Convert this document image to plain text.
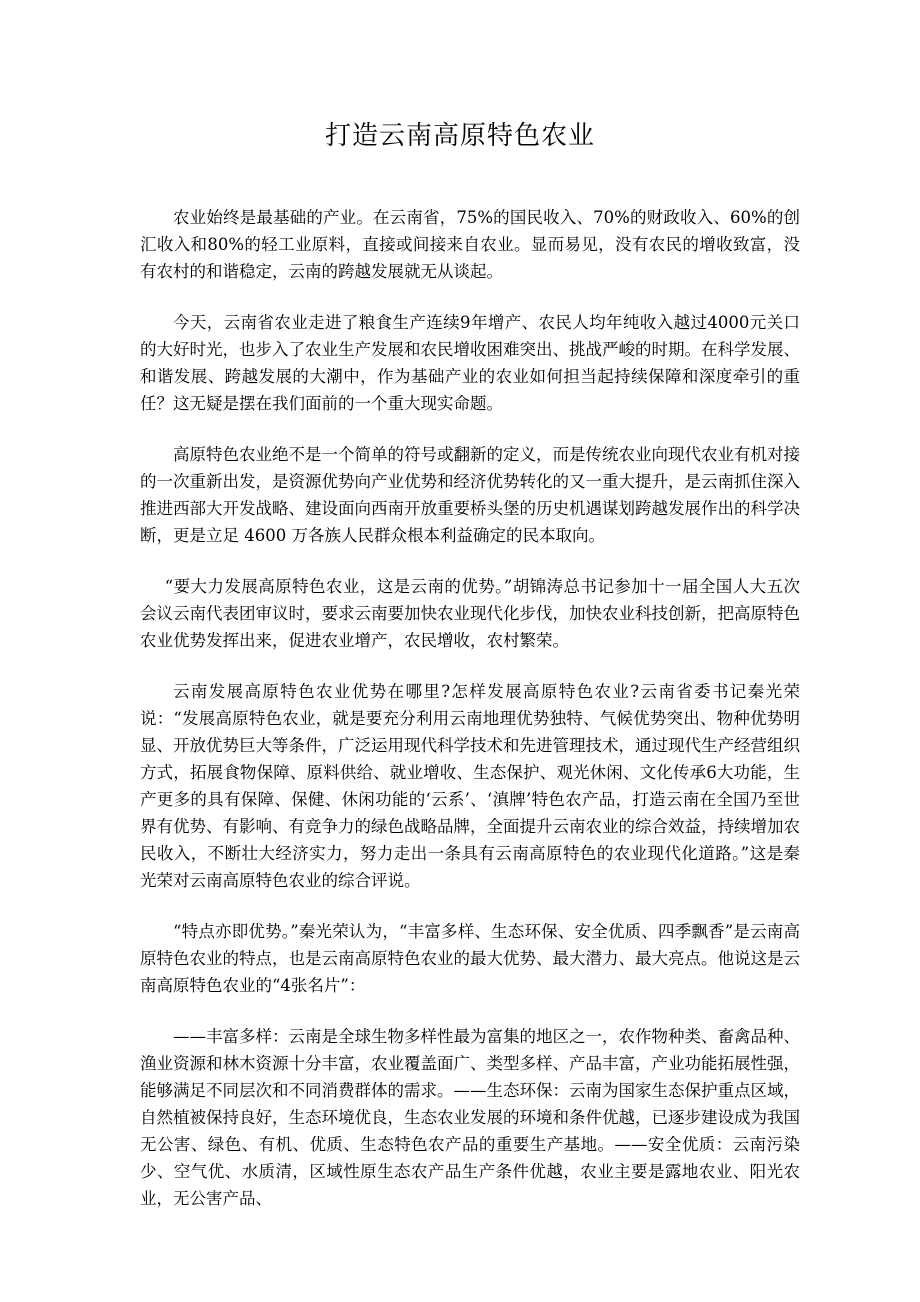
打造云南高原特色农业

农业始终是最基础的产业。在云南省，75%的国民收入、70%的财政收入、60%的创汇收入和80%的轻工业原料，直接或间接来自农业。显而易见，没有农民的增收致富，没有农村的和谐稳定，云南的跨越发展就无从谈起。

今天，云南省农业走进了粮食生产连续9年增产、农民人均年纯收入越过4000元关口的大好时光，也步入了农业生产发展和农民增收困难突出、挑战严峻的时期。在科学发展、和谐发展、跨越发展的大潮中，作为基础产业的农业如何担当起持续保障和深度牵引的重任？这无疑是摆在我们面前的一个重大现实命题。

高原特色农业绝不是一个简单的符号或翻新的定义，而是传统农业向现代农业有机对接的一次重新出发，是资源优势向产业优势和经济优势转化的又一重大提升，是云南抓住深入推进西部大开发战略、建设面向西南开放重要桥头堡的历史机遇谋划跨越发展作出的科学决断，更是立足 4600 万各族人民群众根本利益确定的民本取向。

“要大力发展高原特色农业，这是云南的优势。”胡锦涛总书记参加十一届全国人大五次会议云南代表团审议时，要求云南要加快农业现代化步伐，加快农业科技创新，把高原特色农业优势发挥出来，促进农业增产，农民增收，农村繁荣。

云南发展高原特色农业优势在哪里?怎样发展高原特色农业?云南省委书记秦光荣说：“发展高原特色农业，就是要充分利用云南地理优势独特、气候优势突出、物种优势明显、开放优势巨大等条件，广泛运用现代科学技术和先进管理技术，通过现代生产经营组织方式，拓展食物保障、原料供给、就业增收、生态保护、观光休闲、文化传承6大功能，生产更多的具有保障、保健、休闲功能的‘云系’、‘滇牌’特色农产品，打造云南在全国乃至世界有优势、有影响、有竞争力的绿色战略品牌，全面提升云南农业的综合效益，持续增加农民收入，不断壮大经济实力，努力走出一条具有云南高原特色的农业现代化道路。”这是秦光荣对云南高原特色农业的综合评说。

“特点亦即优势。”秦光荣认为，“丰富多样、生态环保、安全优质、四季飘香”是云南高原特色农业的特点，也是云南高原特色农业的最大优势、最大潜力、最大亮点。他说这是云南高原特色农业的“4张名片”：

——丰富多样：云南是全球生物多样性最为富集的地区之一，农作物种类、畜禽品种、渔业资源和林木资源十分丰富，农业覆盖面广、类型多样、产品丰富，产业功能拓展性强，能够满足不同层次和不同消费群体的需求。——生态环保：云南为国家生态保护重点区域，自然植被保持良好，生态环境优良，生态农业发展的环境和条件优越，已逐步建设成为我国无公害、绿色、有机、优质、生态特色农产品的重要生产基地。——安全优质：云南污染少、空气优、水质清，区域性原生态农产品生产条件优越，农业主要是露地农业、阳光农业，无公害产品、
